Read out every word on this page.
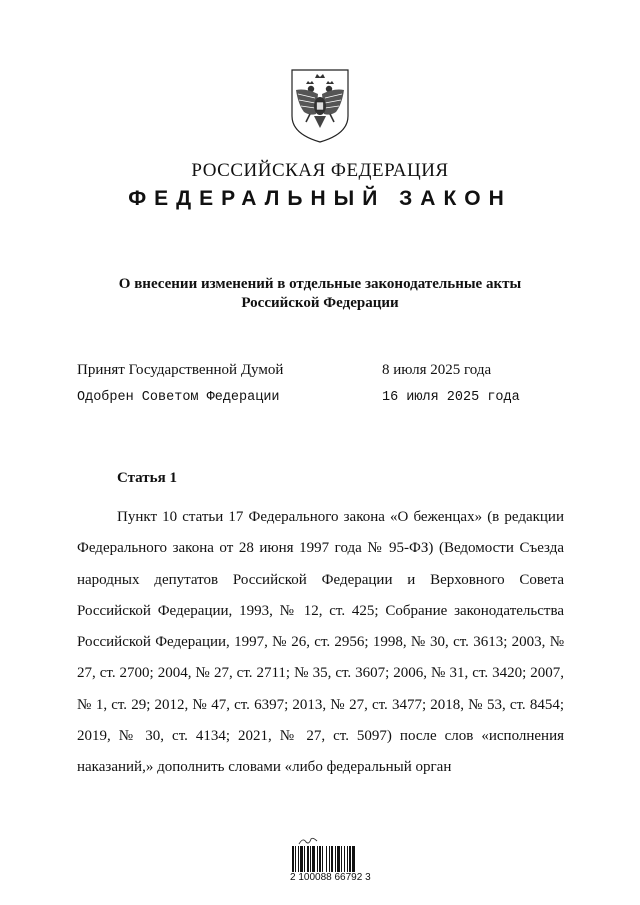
РОССИЙСКАЯ ФЕДЕРАЦИЯ
ФЕДЕРАЛЬНЫЙ ЗАКОН
О внесении изменений в отдельные законодательные акты
Российской Федерации
Принят Государственной Думой	8 июля 2025 года
Одобрен Советом Федерации	16 июля 2025 года
Статья 1

Пункт 10 статьи 17 Федерального закона «О беженцах» (в редакции Федерального закона от 28 июня 1997 года № 95-ФЗ) (Ведомости Съезда народных депутатов Российской Федерации и Верховного Совета Российской Федерации, 1993, № 12, ст. 425; Собрание законодательства Российской Федерации, 1997, № 26, ст. 2956; 1998, № 30, ст. 3613; 2003, № 27, ст. 2700; 2004, № 27, ст. 2711; № 35, ст. 3607; 2006, № 31, ст. 3420; 2007, № 1, ст. 29; 2012, № 47, ст. 6397; 2013, № 27, ст. 3477; 2018, № 53, ст. 8454; 2019, № 30, ст. 4134; 2021, № 27, ст. 5097) после слов «исполнения наказаний,» дополнить словами «либо федеральный орган

2 100088 66792 3
